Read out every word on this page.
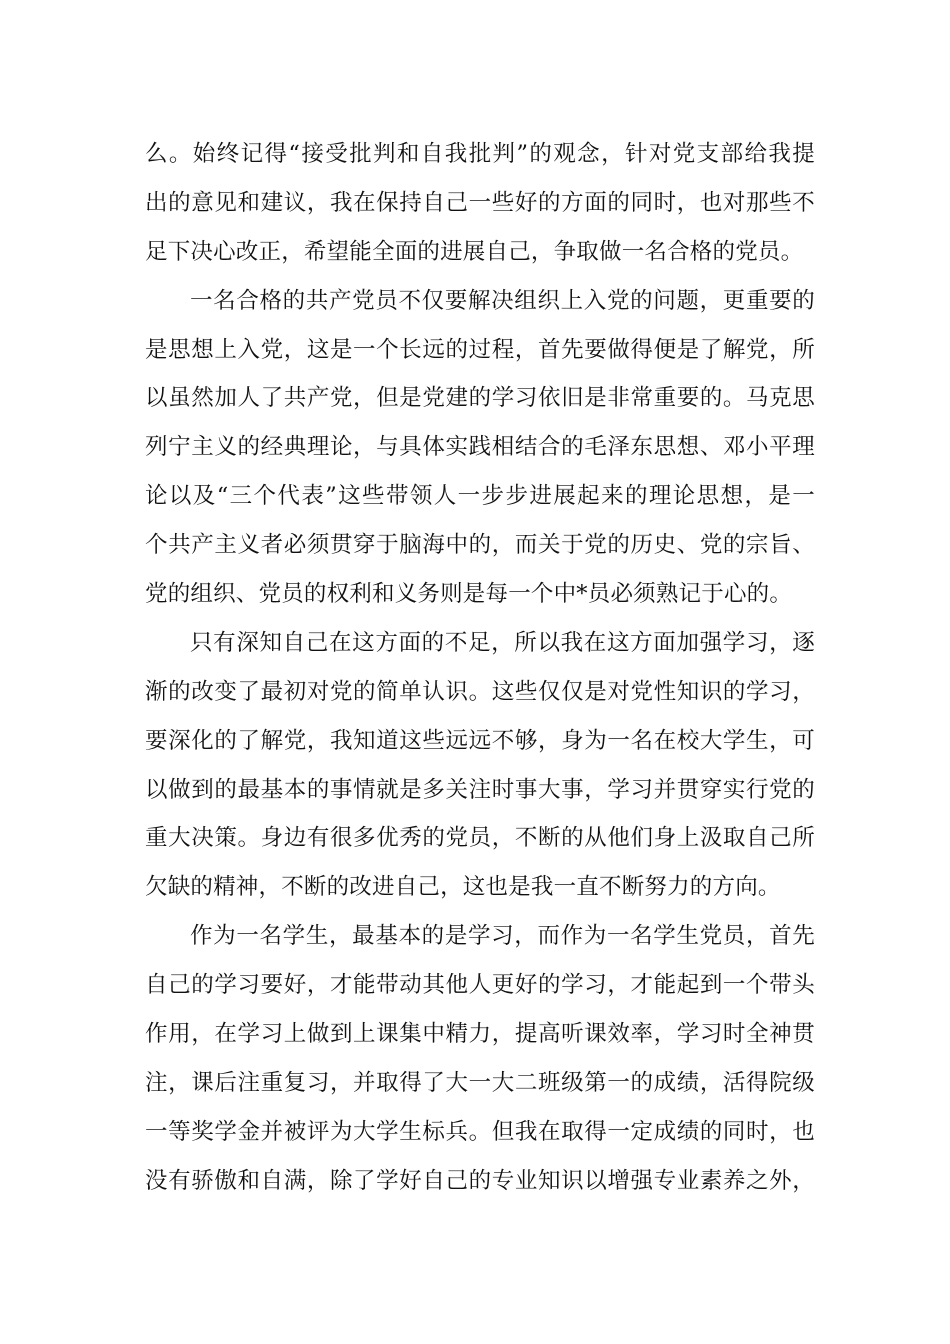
么。始终记得“接受批判和自我批判”的观念，针对党支部给我提
出的意见和建议，我在保持自己一些好的方面的同时，也对那些不
足下决心改正，希望能全面的进展自己，争取做一名合格的党员。
一名合格的共产党员不仅要解决组织上入党的问题，更重要的
是思想上入党，这是一个长远的过程，首先要做得便是了解党，所
以虽然加人了共产党，但是党建的学习依旧是非常重要的。马克思
列宁主义的经典理论，与具体实践相结合的毛泽东思想、邓小平理
论以及“三个代表”这些带领人一步步进展起来的理论思想，是一
个共产主义者必须贯穿于脑海中的，而关于党的历史、党的宗旨、
党的组织、党员的权利和义务则是每一个中*员必须熟记于心的。
只有深知自己在这方面的不足，所以我在这方面加强学习，逐
渐的改变了最初对党的简单认识。这些仅仅是对党性知识的学习，
要深化的了解党，我知道这些远远不够，身为一名在校大学生，可
以做到的最基本的事情就是多关注时事大事，学习并贯穿实行党的
重大决策。身边有很多优秀的党员，不断的从他们身上汲取自己所
欠缺的精神，不断的改进自己，这也是我一直不断努力的方向。
作为一名学生，最基本的是学习，而作为一名学生党员，首先
自己的学习要好，才能带动其他人更好的学习，才能起到一个带头
作用，在学习上做到上课集中精力，提高听课效率，学习时全神贯
注，课后注重复习，并取得了大一大二班级第一的成绩，活得院级
一等奖学金并被评为大学生标兵。但我在取得一定成绩的同时，也
没有骄傲和自满，除了学好自己的专业知识以增强专业素养之外，
